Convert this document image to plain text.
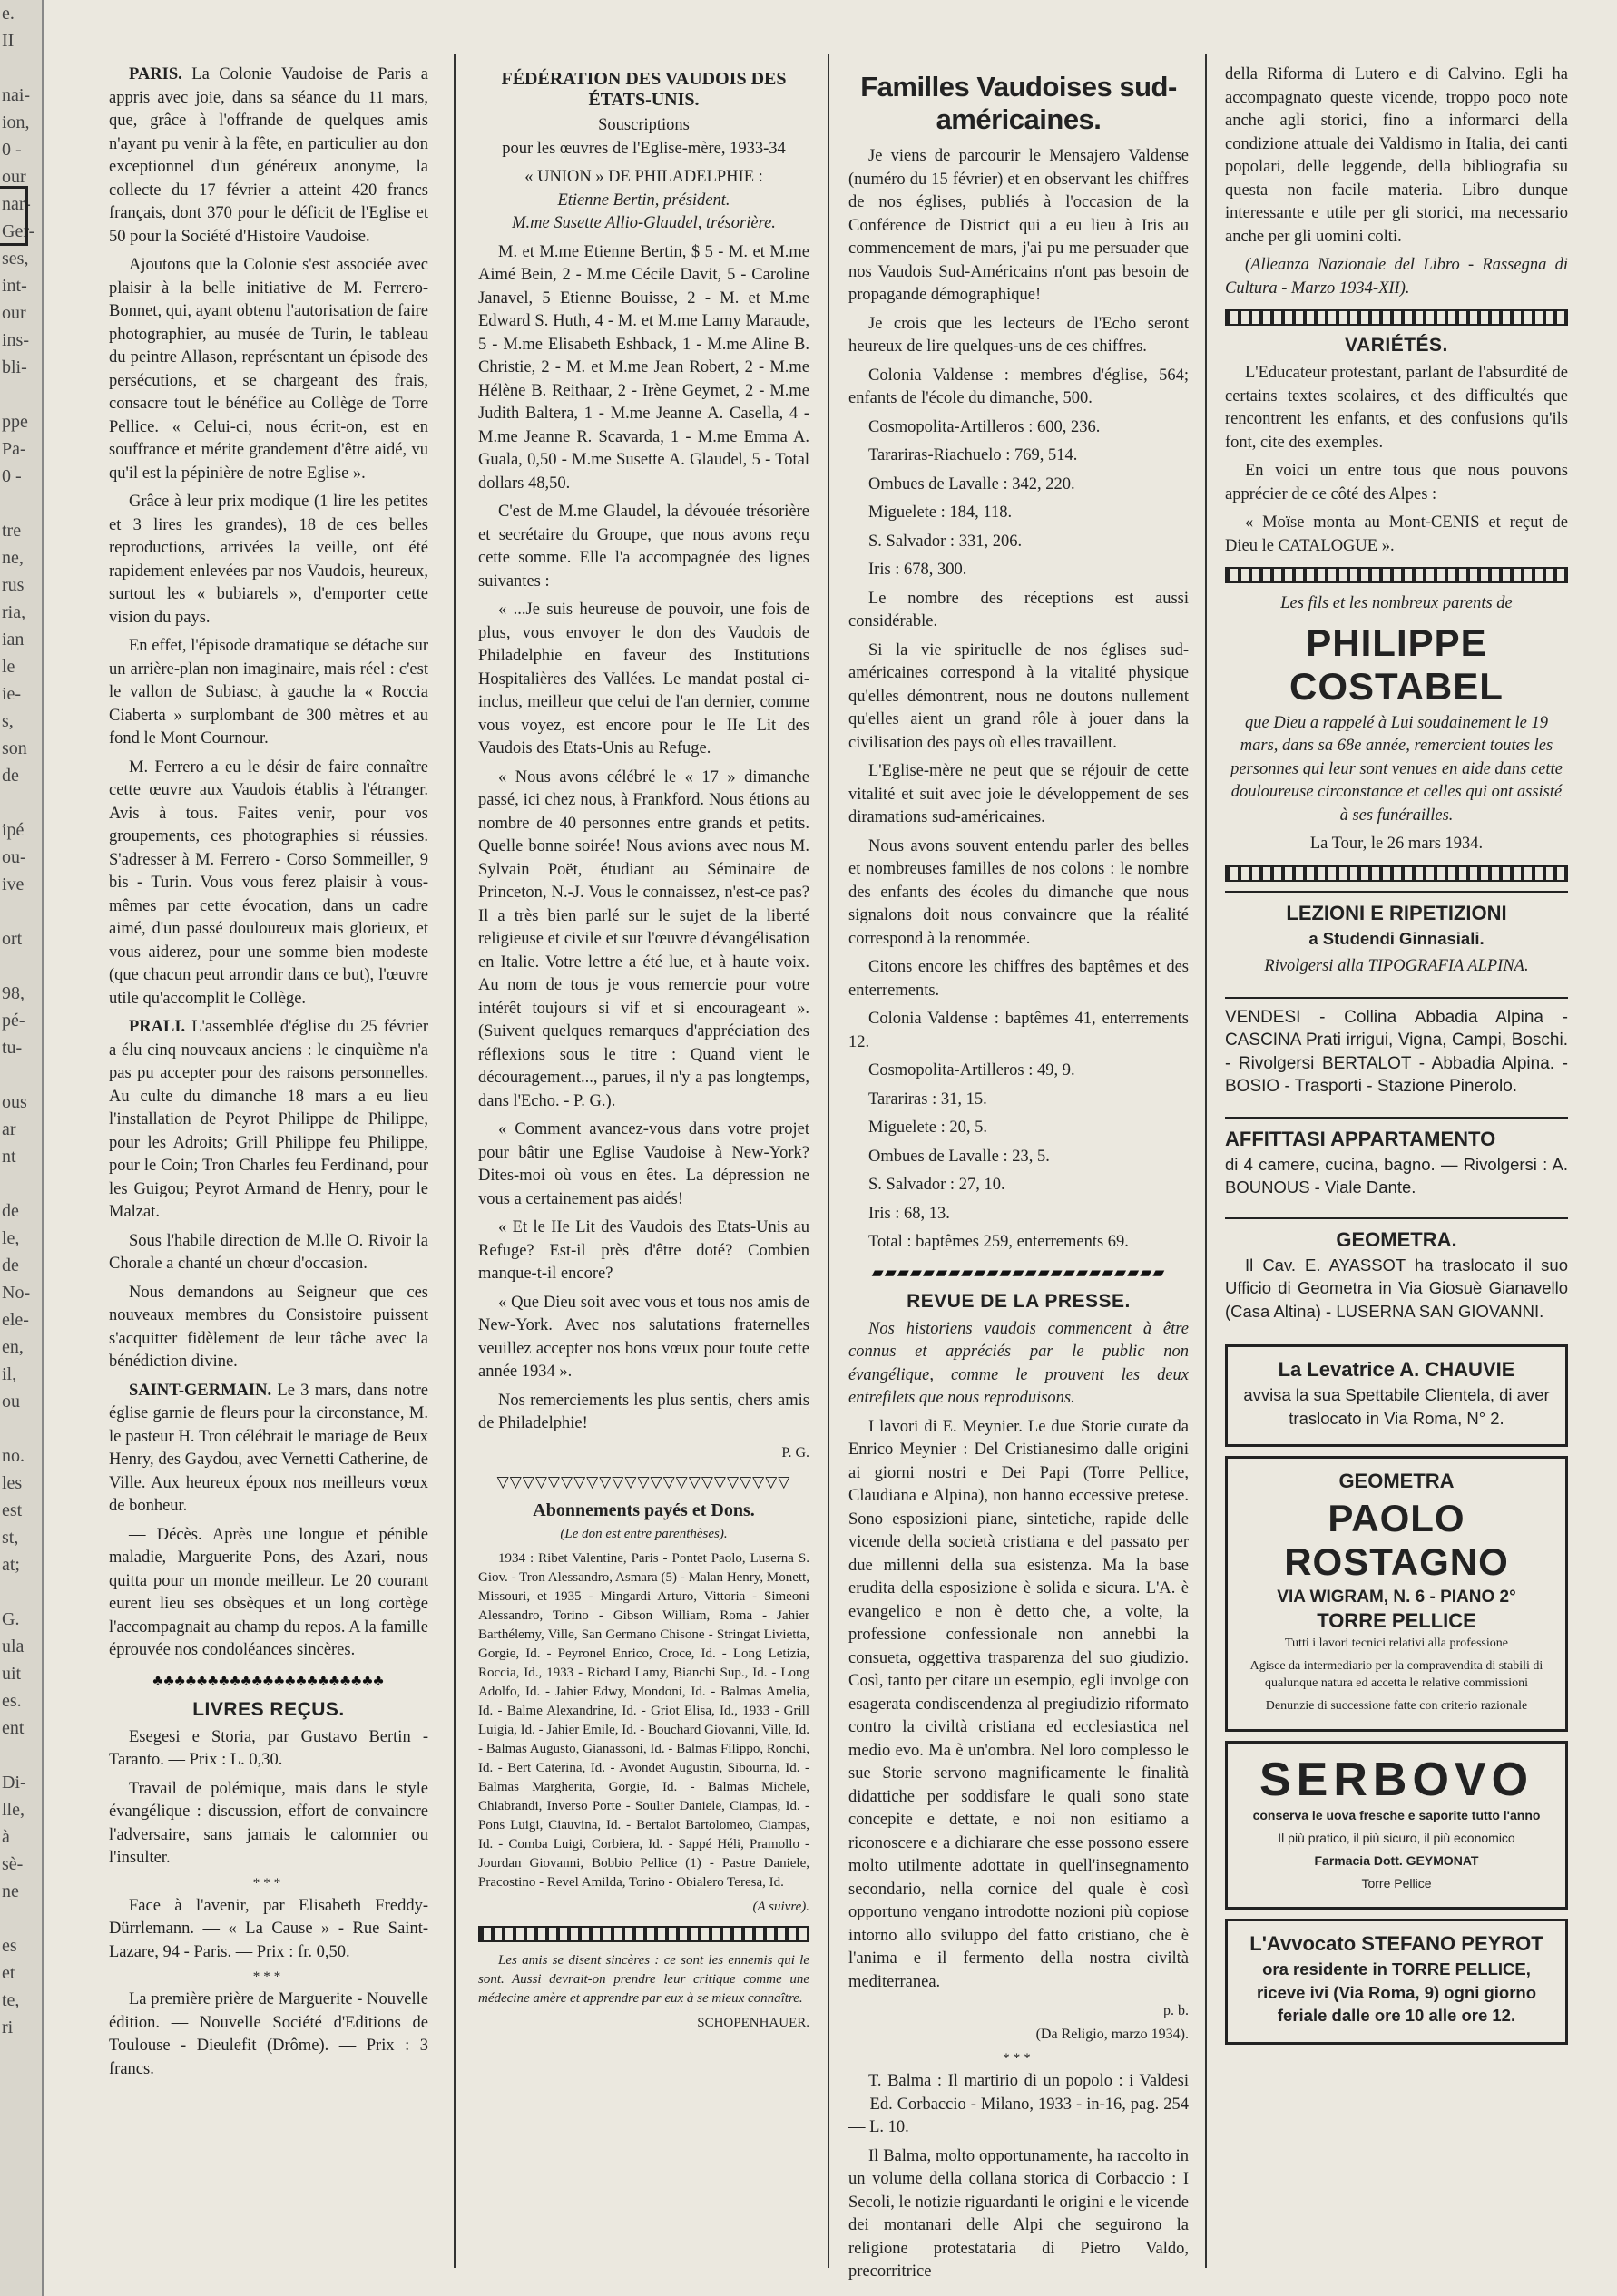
e.
II

nai-
ion,
0 -
our
nar-
Ger-
ses,
int-
our
ins-
bli-

ppe
Pa-
0 -

tre
ne,
rus
ria,
ian
le
ie-
s,
son
de

ipé
ou-
ive

ort

98,
pé-
tu-

ous
ar
nt

de
le,
de
No-
ele-
en,
il,
ou

no.
les
est
st,
at;

G.
ula
uit
es.
ent

Di-
lle,
à
sè-
ne

es
et
te,
ri

PARIS. La Colonie Vaudoise de Paris a appris avec joie, dans sa séance du 11 mars, que, grâce à l'offrande de quelques amis n'ayant pu venir à la fête, en particulier au don exceptionnel d'un généreux anonyme, la collecte du 17 février a atteint 420 francs français, dont 370 pour le déficit de l'Eglise et 50 pour la Société d'Histoire Vaudoise.

Ajoutons que la Colonie s'est associée avec plaisir à la belle initiative de M. Ferrero-Bonnet, qui, ayant obtenu l'autorisation de faire photographier, au musée de Turin, le tableau du peintre Allason, représentant un épisode des persécutions, et se chargeant des frais, consacre tout le bénéfice au Collège de Torre Pellice. « Celui-ci, nous écrit-on, est en souffrance et mérite grandement d'être aidé, vu qu'il est la pépinière de notre Eglise ».

Grâce à leur prix modique (1 lire les petites et 3 lires les grandes), 18 de ces belles reproductions, arrivées la veille, ont été rapidement enlevées par nos Vaudois, heureux, surtout les « bubiarels », d'emporter cette vision du pays.

En effet, l'épisode dramatique se détache sur un arrière-plan non imaginaire, mais réel : c'est le vallon de Subiasc, à gauche la « Roccia Ciaberta » surplombant de 300 mètres et au fond le Mont Cournour.

M. Ferrero a eu le désir de faire connaître cette œuvre aux Vaudois établis à l'étranger. Avis à tous. Faites venir, pour vos groupements, ces photographies si réussies. S'adresser à M. Ferrero - Corso Sommeiller, 9 bis - Turin. Vous vous ferez plaisir à vous-mêmes par cette évocation, dans un cadre aimé, d'un passé douloureux mais glorieux, et vous aiderez, pour une somme bien modeste (que chacun peut arrondir dans ce but), l'œuvre utile qu'accomplit le Collège.

PRALI. L'assemblée d'église du 25 février a élu cinq nouveaux anciens : le cinquième n'a pas pu accepter pour des raisons personnelles. Au culte du dimanche 18 mars a eu lieu l'installation de Peyrot Philippe de Philippe, pour les Adroits; Grill Philippe feu Philippe, pour le Coin; Tron Charles feu Ferdinand, pour les Guigou; Peyrot Armand de Henry, pour le Malzat.

Sous l'habile direction de M.lle O. Rivoir la Chorale a chanté un chœur d'occasion.

Nous demandons au Seigneur que ces nouveaux membres du Consistoire puissent s'acquitter fidèlement de leur tâche avec la bénédiction divine.

SAINT-GERMAIN. Le 3 mars, dans notre église garnie de fleurs pour la circonstance, M. le pasteur H. Tron célébrait le mariage de Beux Henry, des Gaydou, avec Vernetti Catherine, de Ville. Aux heureux époux nos meilleurs vœux de bonheur.

— Décès. Après une longue et pénible maladie, Marguerite Pons, des Azari, nous quitta pour un monde meilleur. Le 20 courant eurent lieu ses obsèques et un long cortège l'accompagnait au champ du repos. A la famille éprouvée nos condoléances sincères.

♣♣♣♣♣♣♣♣♣♣♣♣♣♣♣♣♣♣♣♣♣
LIVRES REÇUS.

Esegesi e Storia, par Gustavo Bertin - Taranto. — Prix : L. 0,30.

Travail de polémique, mais dans le style évangélique : discussion, effort de convaincre l'adversaire, sans jamais le calomnier ou l'insulter.

***

Face à l'avenir, par Elisabeth Freddy-Dürrlemann. — « La Cause » - Rue Saint-Lazare, 94 - Paris. — Prix : fr. 0,50.

***

La première prière de Marguerite - Nouvelle édition. — Nouvelle Société d'Editions de Toulouse - Dieulefit (Drôme). — Prix : 3 francs.

FÉDÉRATION DES VAUDOIS DES ÉTATS-UNIS.

Souscriptions

pour les œuvres de l'Eglise-mère, 1933-34

« UNION » DE PHILADELPHIE :

Etienne Bertin, président.

M.me Susette Allio-Glaudel, trésorière.

M. et M.me Etienne Bertin, $ 5 - M. et M.me Aimé Bein, 2 - M.me Cécile Davit, 5 - Caroline Janavel, 5 Etienne Bouisse, 2 - M. et M.me Edward S. Huth, 4 - M. et M.me Lamy Maraude, 5 - M.me Elisabeth Eshback, 1 - M.me Aline B. Christie, 2 - M. et M.me Jean Robert, 2 - M.me Hélène B. Reithaar, 2 - Irène Geymet, 2 - M.me Judith Baltera, 1 - M.me Jeanne A. Casella, 4 - M.me Jeanne R. Scavarda, 1 - M.me Emma A. Guala, 0,50 - M.me Susette A. Glaudel, 5 - Total dollars 48,50.

C'est de M.me Glaudel, la dévouée trésorière et secrétaire du Groupe, que nous avons reçu cette somme. Elle l'a accompagnée des lignes suivantes :

« ...Je suis heureuse de pouvoir, une fois de plus, vous envoyer le don des Vaudois de Philadelphie en faveur des Institutions Hospitalières des Vallées. Le mandat postal ci-inclus, meilleur que celui de l'an dernier, comme vous voyez, est encore pour le IIe Lit des Vaudois des Etats-Unis au Refuge.

« Nous avons célébré le « 17 » dimanche passé, ici chez nous, à Frankford. Nous étions au nombre de 40 personnes entre grands et petits. Quelle bonne soirée! Nous avions avec nous M. Sylvain Poët, étudiant au Séminaire de Princeton, N.-J. Vous le connaissez, n'est-ce pas? Il a très bien parlé sur le sujet de la liberté religieuse et civile et sur l'œuvre d'évangélisation en Italie. Votre lettre a été lue, et à haute voix. Au nom de tous je vous remercie pour votre intérêt toujours si vif et si encourageant ». (Suivent quelques remarques d'appréciation des réflexions sous le titre : Quand vient le découragement..., parues, il n'y a pas longtemps, dans l'Echo. - P. G.).

« Comment avancez-vous dans votre projet pour bâtir une Eglise Vaudoise à New-York? Dites-moi où vous en êtes. La dépression ne vous a certainement pas aidés!

« Et le IIe Lit des Vaudois des Etats-Unis au Refuge? Est-il près d'être doté? Combien manque-t-il encore?

« Que Dieu soit avec vous et tous nos amis de New-York. Avec nos salutations fraternelles veuillez accepter nos bons vœux pour toute cette année 1934 ».

Nos remerciements les plus sentis, chers amis de Philadelphie!

P. G.

▽▽▽▽▽▽▽▽▽▽▽▽▽▽▽▽▽▽▽▽▽▽▽
Abonnements payés et Dons.

(Le don est entre parenthèses).

1934 : Ribet Valentine, Paris - Pontet Paolo, Luserna S. Giov. - Tron Alessandro, Asmara (5) - Malan Henry, Monett, Missouri, et 1935 - Mingardi Arturo, Vittoria - Simeoni Alessandro, Torino - Gibson William, Roma - Jahier Barthélemy, Ville, San Germano Chisone - Stringat Livietta, Gorgie, Id. - Peyronel Enrico, Croce, Id. - Long Letizia, Roccia, Id., 1933 - Richard Lamy, Bianchi Sup., Id. - Long Adolfo, Id. - Jahier Edwy, Mondoni, Id. - Balmas Amelia, Id. - Balme Alexandrine, Id. - Griot Elisa, Id., 1933 - Grill Luigia, Id. - Jahier Emile, Id. - Bouchard Giovanni, Ville, Id. - Balmas Augusto, Gianassoni, Id. - Balmas Filippo, Ronchi, Id. - Bert Caterina, Id. - Avondet Augustin, Sibourna, Id. - Balmas Margherita, Gorgie, Id. - Balmas Michele, Chiabrandi, Inverso Porte - Soulier Daniele, Ciampas, Id. - Pons Luigi, Ciauvina, Id. - Bertalot Bartolomeo, Ciampas, Id. - Comba Luigi, Corbiera, Id. - Sappé Héli, Pramollo - Jourdan Giovanni, Bobbio Pellice (1) - Pastre Daniele, Pracostino - Revel Amilda, Torino - Obialero Teresa, Id.

(A suivre).

Les amis se disent sincères : ce sont les ennemis qui le sont. Aussi devrait-on prendre leur critique comme une médecine amère et apprendre par eux à se mieux connaître.

SCHOPENHAUER.

Familles Vaudoises sud-américaines.

Je viens de parcourir le Mensajero Valdense (numéro du 15 février) et en observant les chiffres de nos églises, publiés à l'occasion de la Conférence de District qui a eu lieu à Iris au commencement de mars, j'ai pu me persuader que nos Vaudois Sud-Américains n'ont pas besoin de propagande démographique!

Je crois que les lecteurs de l'Echo seront heureux de lire quelques-uns de ces chiffres.

Colonia Valdense : membres d'église, 564; enfants de l'école du dimanche, 500.

Cosmopolita-Artilleros : 600, 236.

Tarariras-Riachuelo : 769, 514.

Ombues de Lavalle : 342, 220.

Miguelete : 184, 118.

S. Salvador : 331, 206.

Iris : 678, 300.

Le nombre des réceptions est aussi considérable.

Si la vie spirituelle de nos églises sud-américaines correspond à la vitalité physique qu'elles démontrent, nous ne doutons nullement qu'elles aient un grand rôle à jouer dans la civilisation des pays où elles travaillent.

L'Eglise-mère ne peut que se réjouir de cette vitalité et suit avec joie le développement de ses diramations sud-américaines.

Nous avons souvent entendu parler des belles et nombreuses familles de nos colons : le nombre des enfants des écoles du dimanche que nous signalons doit nous convaincre que la réalité correspond à la renommée.

Citons encore les chiffres des baptêmes et des enterrements.

Colonia Valdense : baptêmes 41, enterrements 12.

Cosmopolita-Artilleros : 49, 9.

Tarariras : 31, 15.

Miguelete : 20, 5.

Ombues de Lavalle : 23, 5.

S. Salvador : 27, 10.

Iris : 68, 13.

Total : baptêmes 259, enterrements 69.

▰▰▰▰▰▰▰▰▰▰▰▰▰▰▰▰▰▰▰▰▰▰▰
REVUE DE LA PRESSE.

Nos historiens vaudois commencent à être connus et appréciés par le public non évangélique, comme le prouvent les deux entrefilets que nous reproduisons.

I lavori di E. Meynier. Le due Storie curate da Enrico Meynier : Del Cristianesimo dalle origini ai giorni nostri e Dei Papi (Torre Pellice, Claudiana e Alpina), non hanno eccessive pretese. Sono esposizioni piane, sintetiche, rapide delle vicende della società cristiana e del passato per due millenni della sua esistenza. Ma la base erudita della esposizione è solida e sicura. L'A. è evangelico e non è detto che, a volte, la professione confessionale non annebbi la consueta, oggettiva trasparenza del suo giudizio. Così, tanto per citare un esempio, egli involge con esagerata condiscendenza al pregiudizio riformato contro la civiltà cristiana ed ecclesiastica nel medio evo. Ma è un'ombra. Nel loro complesso le sue Storie servono magnificamente le finalità didattiche per soddisfare le quali sono state concepite e dettate, e noi non esitiamo a riconoscere e a dichiarare che esse possono essere molto utilmente adottate in quell'insegnamento secondario, nella cornice del quale è così opportuno vengano introdotte nozioni più copiose intorno allo sviluppo del fatto cristiano, che è l'anima e il fermento della nostra civiltà mediterranea.

p. b.
(Da Religio, marzo 1934).

***

T. Balma : Il martirio di un popolo : i Valdesi — Ed. Corbaccio - Milano, 1933 - in-16, pag. 254 — L. 10.

Il Balma, molto opportunamente, ha raccolto in un volume della collana storica di Corbaccio : I Secoli, le notizie riguardanti le origini e le vicende dei montanari delle Alpi che seguirono la religione protestataria di Pietro Valdo, precorritrice

della Riforma di Lutero e di Calvino. Egli ha accompagnato queste vicende, troppo poco note anche agli storici, fino a informarci della condizione attuale dei Valdismo in Italia, dei canti popolari, delle leggende, della bibliografia su questa non facile materia. Libro dunque interessante e utile per gli storici, ma necessario anche per gli uomini colti.

(Alleanza Nazionale del Libro - Rassegna di Cultura - Marzo 1934-XII).

VARIÉTÉS.

L'Educateur protestant, parlant de l'absurdité de certains textes scolaires, et des difficultés que rencontrent les enfants, et des confusions qu'ils font, cite des exemples.

En voici un entre tous que nous pouvons apprécier de ce côté des Alpes :

« Moïse monta au Mont-CENIS et reçut de Dieu le CATALOGUE ».

Les fils et les nombreux parents de

PHILIPPE COSTABEL

que Dieu a rappelé à Lui soudainement le 19 mars, dans sa 68e année, remercient toutes les personnes qui leur sont venues en aide dans cette douloureuse circonstance et celles qui ont assisté à ses funérailles.

La Tour, le 26 mars 1934.

LEZIONI E RIPETIZIONI

a Studendi Ginnasiali.

Rivolgersi alla TIPOGRAFIA ALPINA.

VENDESI - Collina Abbadia Alpina - CASCINA Prati irrigui, Vigna, Campi, Boschi. - Rivolgersi BERTALOT - Abbadia Alpina. - BOSIO - Trasporti - Stazione Pinerolo.

AFFITTASI APPARTAMENTO

di 4 camere, cucina, bagno. — Rivolgersi : A. BOUNOUS - Viale Dante.

GEOMETRA.

Il Cav. E. AYASSOT ha traslocato il suo Ufficio di Geometra in Via Giosuè Gianavello (Casa Altina) - LUSERNA SAN GIOVANNI.

La Levatrice A. CHAUVIE

avvisa la sua Spettabile Clientela, di aver traslocato in Via Roma, N° 2.

GEOMETRA
PAOLO ROSTAGNO
VIA WIGRAM, N. 6 - PIANO 2°
TORRE PELLICE

Tutti i lavori tecnici relativi alla professione

Agisce da intermediario per la compravendita di stabili di qualunque natura ed accetta le relative commissioni

Denunzie di successione fatte con criterio razionale

SERBOVO

conserva le uova fresche e saporite tutto l'anno

Il più pratico, il più sicuro, il più economico

Farmacia Dott. GEYMONAT

Torre Pellice

L'Avvocato STEFANO PEYROT

ora residente in TORRE PELLICE,

riceve ivi (Via Roma, 9) ogni giorno feriale dalle ore 10 alle ore 12.
